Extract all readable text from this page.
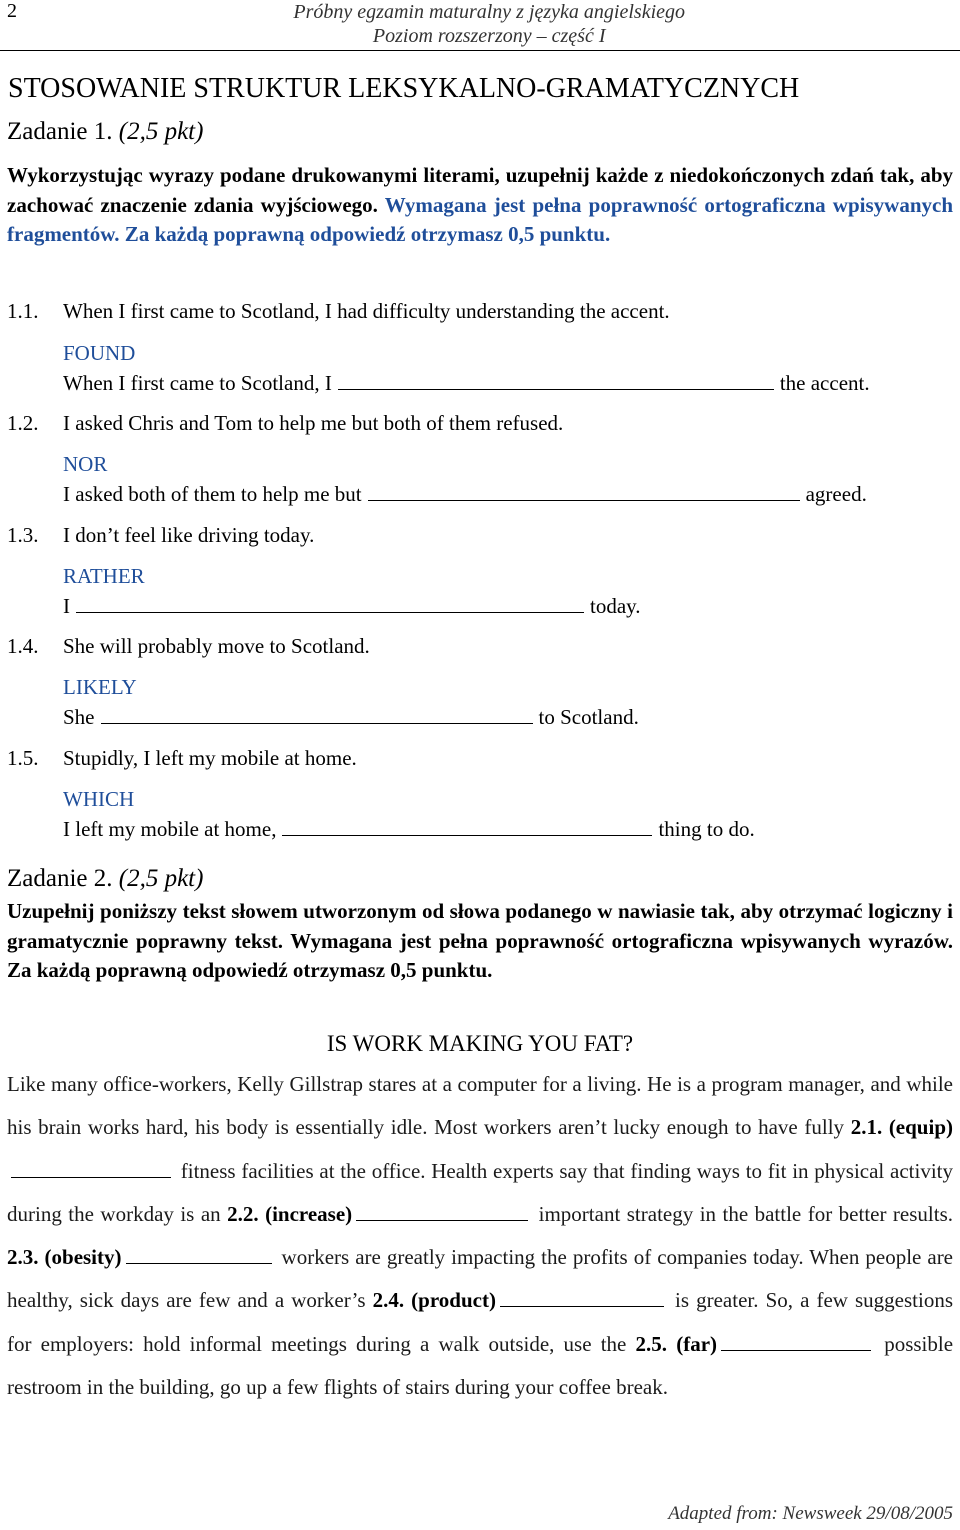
2	Próbny egzamin maturalny z języka angielskiego
Poziom rozszerzony – część I
STOSOWANIE STRUKTUR LEKSYKALNO-GRAMATYCZNYCH
Zadanie 1. (2,5 pkt)
Wykorzystując wyrazy podane drukowanymi literami, uzupełnij każde z niedokończonych zdań tak, aby zachować znaczenie zdania wyjściowego. Wymagana jest pełna poprawność ortograficzna wpisywanych fragmentów. Za każdą poprawną odpowiedź otrzymasz 0,5 punktu.
1.1. When I first came to Scotland, I had difficulty understanding the accent.
FOUND
When I first came to Scotland, I	the accent.
1.2. I asked Chris and Tom to help me but both of them refused.
NOR
I asked both of them to help me but	agreed.
1.3. I don’t feel like driving today.
RATHER
I	today.
1.4. She will probably move to Scotland.
LIKELY
She	to Scotland.
1.5. Stupidly, I left my mobile at home.
WHICH
I left my mobile at home,	thing to do.
Zadanie 2. (2,5 pkt)
Uzupełnij poniższy tekst słowem utworzonym od słowa podanego w nawiasie tak, aby otrzymać logiczny i gramatycznie poprawny tekst. Wymagana jest pełna poprawność ortograficzna wpisywanych wyrazów. Za każdą poprawną odpowiedź otrzymasz 0,5 punktu.
IS WORK MAKING YOU FAT?
Like many office-workers, Kelly Gillstrap stares at a computer for a living. He is a program manager, and while his brain works hard, his body is essentially idle. Most workers aren’t lucky enough to have fully 2.1. (equip) fitness facilities at the office. Health experts say that finding ways to fit in physical activity during the workday is an 2.2. (increase)	important strategy in the battle for better results. 2.3. (obesity)	workers are greatly impacting the profits of companies today. When people are healthy, sick days are few and a worker’s 2.4. (product)	is greater. So, a few suggestions for employers: hold informal meetings during a walk outside, use the 2.5. (far)	possible restroom in the building, go up a few flights of stairs during your coffee break.
Adapted from: Newsweek 29/08/2005
